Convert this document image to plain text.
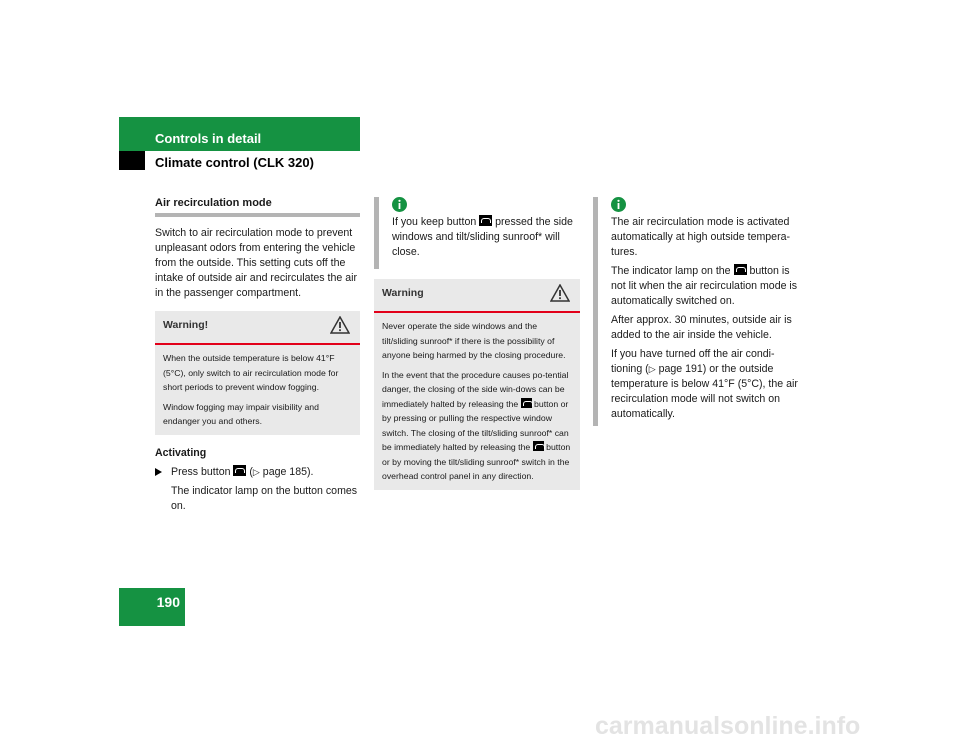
Controls in detail
Climate control (CLK 320)
Air recirculation mode
Switch to air recirculation mode to prevent unpleasant odors from entering the vehicle from the outside. This setting cuts off the intake of outside air and recirculates the air in the passenger compartment.
Warning!

When the outside temperature is below 41°F (5°C), only switch to air recirculation mode for short periods to prevent window fogging.

Window fogging may impair visibility and endanger you and others.

Activating
Press button (▷ page 185).
The indicator lamp on the button comes on.
If you keep button pressed the side windows and tilt/sliding sunroof* will close.
Warning

Never operate the side windows and the tilt/sliding sunroof* if there is the possibility of anyone being harmed by the closing procedure.

In the event that the procedure causes po-tential danger, the closing of the side win-dows can be immediately halted by releasing the button or by pressing or pulling the respective window switch. The closing of the tilt/sliding sunroof* can be immediately halted by releasing the button or by moving the tilt/sliding sunroof* switch in the overhead control panel in any direction.

The air recirculation mode is activated automatically at high outside tempera-tures.

The indicator lamp on the button is not lit when the air recirculation mode is automatically switched on.

After approx. 30 minutes, outside air is added to the air inside the vehicle.

If you have turned off the air condi-tioning (▷ page 191) or the outside temperature is below 41°F (5°C), the air recirculation mode will not switch on automatically.

190
carmanualsonline.info
